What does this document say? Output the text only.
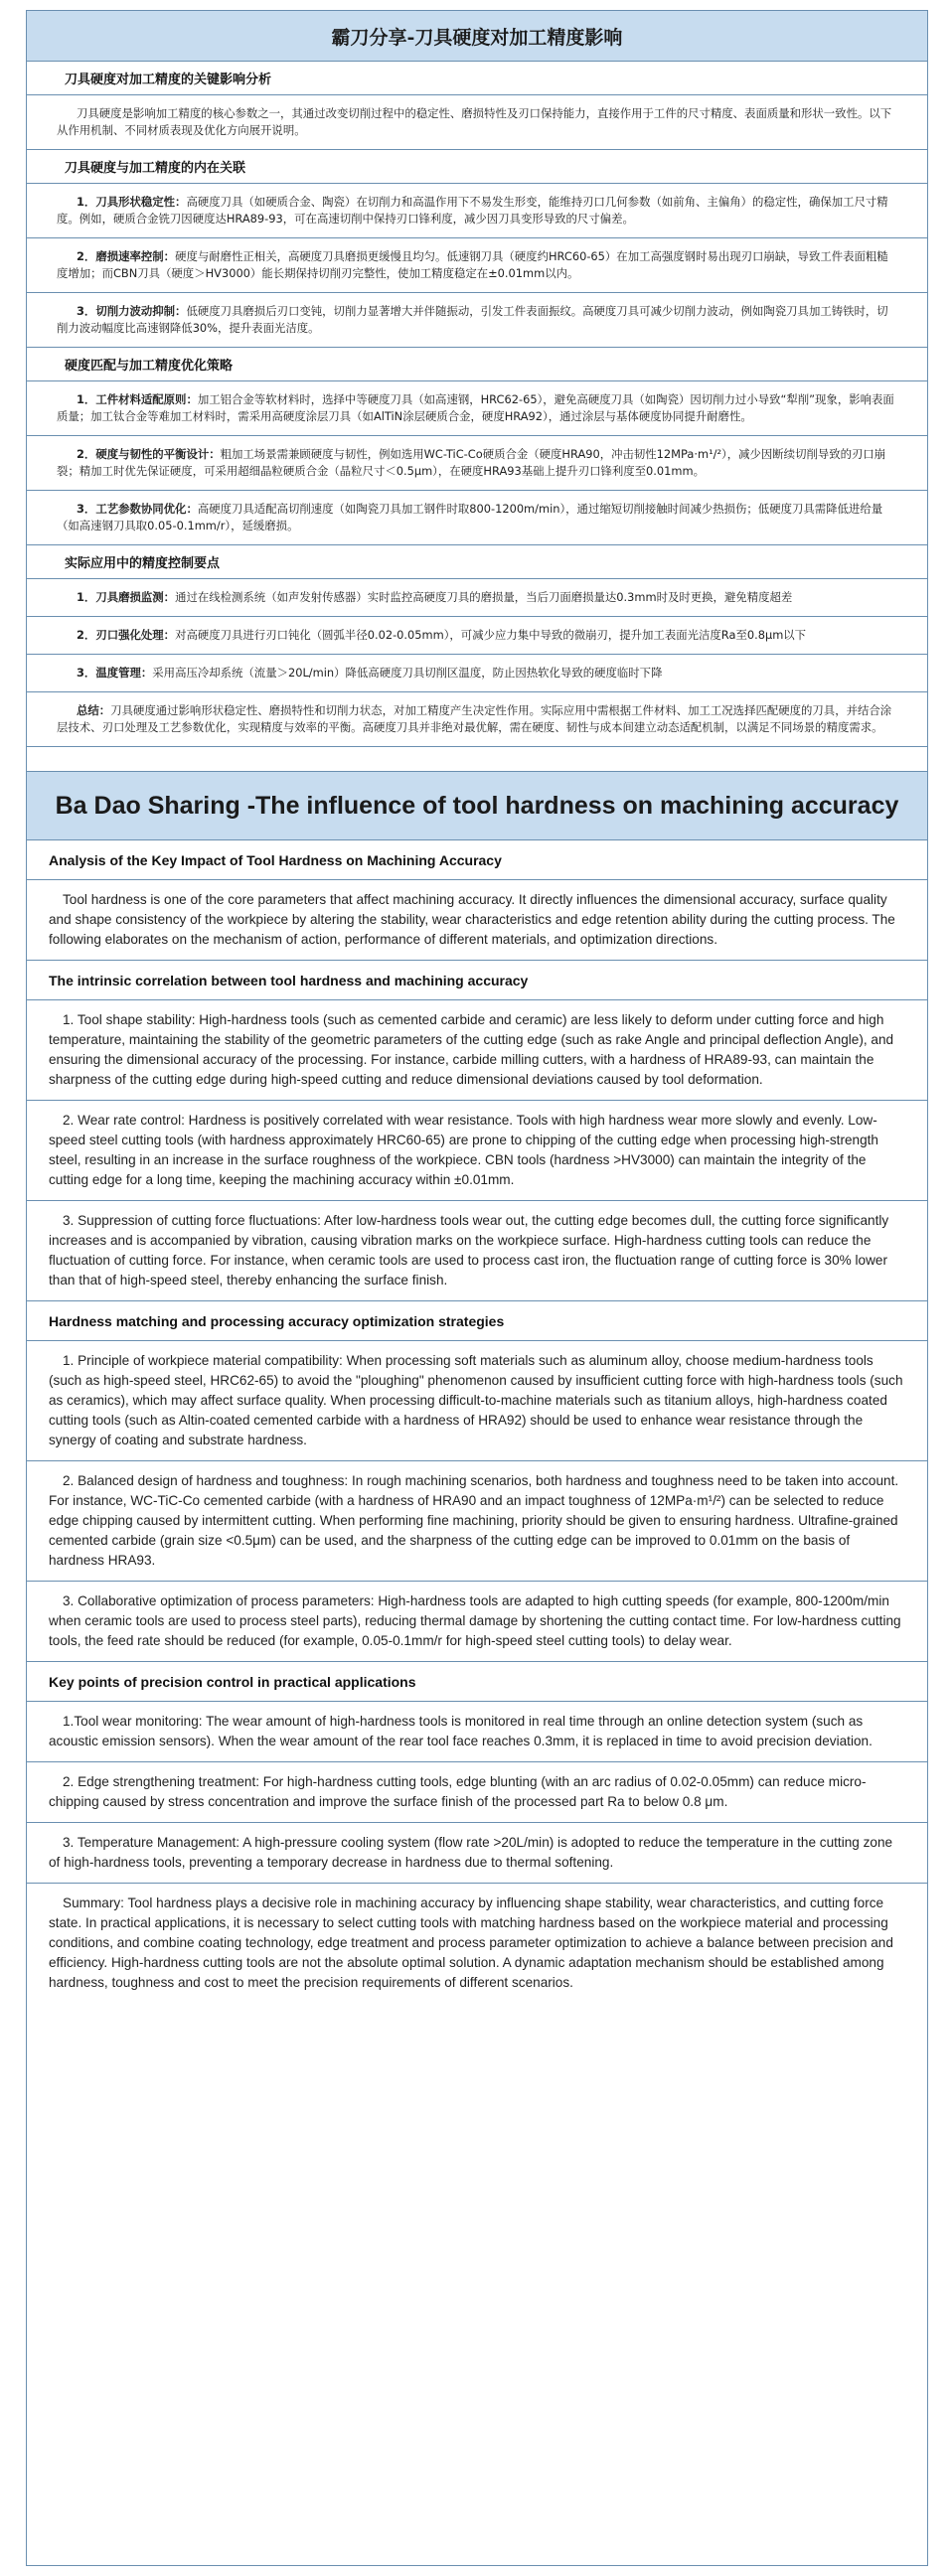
霸刀分享-刀具硬度对加工精度影响
刀具硬度对加工精度的关键影响分析

刀具硬度是影响加工精度的核心参数之一，其通过改变切削过程中的稳定性、磨损特性及刃口保持能力，直接作用于工件的尺寸精度、表面质量和形状一致性。以下从作用机制、不同材质表现及优化方向展开说明。

刀具硬度与加工精度的内在关联

1．刀具形状稳定性：高硬度刀具（如硬质合金、陶瓷）在切削力和高温作用下不易发生形变，能维持刃口几何参数（如前角、主偏角）的稳定性，确保加工尺寸精度。例如，硬质合金铣刀因硬度达HRA89-93，可在高速切削中保持刃口锋利度，减少因刀具变形导致的尺寸偏差。

2．磨损速率控制：硬度与耐磨性正相关，高硬度刀具磨损更缓慢且均匀。低速钢刀具（硬度约HRC60-65）在加工高强度钢时易出现刃口崩缺，导致工件表面粗糙度增加；而CBN刀具（硬度＞HV3000）能长期保持切削刃完整性，使加工精度稳定在±0.01mm以内。

3．切削力波动抑制：低硬度刀具磨损后刃口变钝，切削力显著增大并伴随振动，引发工件表面振纹。高硬度刀具可减少切削力波动，例如陶瓷刀具加工铸铁时，切削力波动幅度比高速钢降低30%，提升表面光洁度。

硬度匹配与加工精度优化策略

1．工件材料适配原则：加工铝合金等软材料时，选择中等硬度刀具（如高速钢，HRC62-65），避免高硬度刀具（如陶瓷）因切削力过小导致“犁削”现象，影响表面质量；加工钛合金等难加工材料时，需采用高硬度涂层刀具（如AlTiN涂层硬质合金，硬度HRA92），通过涂层与基体硬度协同提升耐磨性。

2．硬度与韧性的平衡设计：粗加工场景需兼顾硬度与韧性，例如选用WC-TiC-Co硬质合金（硬度HRA90，冲击韧性12MPa·m¹/²），减少因断续切削导致的刃口崩裂；精加工时优先保证硬度，可采用超细晶粒硬质合金（晶粒尺寸＜0.5μm），在硬度HRA93基础上提升刃口锋利度至0.01mm。

3．工艺参数协同优化：高硬度刀具适配高切削速度（如陶瓷刀具加工钢件时取800-1200m/min），通过缩短切削接触时间减少热损伤；低硬度刀具需降低进给量（如高速钢刀具取0.05-0.1mm/r），延缓磨损。

实际应用中的精度控制要点

1．刀具磨损监测：通过在线检测系统（如声发射传感器）实时监控高硬度刀具的磨损量，当后刀面磨损量达0.3mm时及时更换，避免精度超差

2．刃口强化处理：对高硬度刀具进行刃口钝化（圆弧半径0.02-0.05mm），可减少应力集中导致的微崩刃，提升加工表面光洁度Ra至0.8μm以下

3．温度管理：采用高压冷却系统（流量＞20L/min）降低高硬度刀具切削区温度，防止因热软化导致的硬度临时下降

总结：刀具硬度通过影响形状稳定性、磨损特性和切削力状态，对加工精度产生决定性作用。实际应用中需根据工件材料、加工工况选择匹配硬度的刀具，并结合涂层技术、刃口处理及工艺参数优化，实现精度与效率的平衡。高硬度刀具并非绝对最优解，需在硬度、韧性与成本间建立动态适配机制，以满足不同场景的精度需求。

Ba Dao Sharing -The influence of tool hardness on machining accuracy
Analysis of the Key Impact of Tool Hardness on Machining Accuracy

Tool hardness is one of the core parameters that affect machining accuracy. It directly influences the dimensional accuracy, surface quality and shape consistency of the workpiece by altering the stability, wear characteristics and edge retention ability during the cutting process. The following elaborates on the mechanism of action, performance of different materials, and optimization directions.

The intrinsic correlation between tool hardness and machining accuracy

1. Tool shape stability: High-hardness tools (such as cemented carbide and ceramic) are less likely to deform under cutting force and high temperature, maintaining the stability of the geometric parameters of the cutting edge (such as rake Angle and principal deflection Angle), and ensuring the dimensional accuracy of the processing. For instance, carbide milling cutters, with a hardness of HRA89-93, can maintain the sharpness of the cutting edge during high-speed cutting and reduce dimensional deviations caused by tool deformation.

2. Wear rate control: Hardness is positively correlated with wear resistance. Tools with high hardness wear more slowly and evenly. Low-speed steel cutting tools (with hardness approximately HRC60-65) are prone to chipping of the cutting edge when processing high-strength steel, resulting in an increase in the surface roughness of the workpiece. CBN tools (hardness >HV3000) can maintain the integrity of the cutting edge for a long time, keeping the machining accuracy within ±0.01mm.

3. Suppression of cutting force fluctuations: After low-hardness tools wear out, the cutting edge becomes dull, the cutting force significantly increases and is accompanied by vibration, causing vibration marks on the workpiece surface. High-hardness cutting tools can reduce the fluctuation of cutting force. For instance, when ceramic tools are used to process cast iron, the fluctuation range of cutting force is 30% lower than that of high-speed steel, thereby enhancing the surface finish.

Hardness matching and processing accuracy optimization strategies

1. Principle of workpiece material compatibility: When processing soft materials such as aluminum alloy, choose medium-hardness tools (such as high-speed steel, HRC62-65) to avoid the "ploughing" phenomenon caused by insufficient cutting force with high-hardness tools (such as ceramics), which may affect surface quality. When processing difficult-to-machine materials such as titanium alloys, high-hardness coated cutting tools (such as Altin-coated cemented carbide with a hardness of HRA92) should be used to enhance wear resistance through the synergy of coating and substrate hardness.

2. Balanced design of hardness and toughness: In rough machining scenarios, both hardness and toughness need to be taken into account. For instance, WC-TiC-Co cemented carbide (with a hardness of HRA90 and an impact toughness of 12MPa·m¹/²) can be selected to reduce edge chipping caused by intermittent cutting. When performing fine machining, priority should be given to ensuring hardness. Ultrafine-grained cemented carbide (grain size <0.5μm) can be used, and the sharpness of the cutting edge can be improved to 0.01mm on the basis of hardness HRA93.

3. Collaborative optimization of process parameters: High-hardness tools are adapted to high cutting speeds (for example, 800-1200m/min when ceramic tools are used to process steel parts), reducing thermal damage by shortening the cutting contact time. For low-hardness cutting tools, the feed rate should be reduced (for example, 0.05-0.1mm/r for high-speed steel cutting tools) to delay wear.

Key points of precision control in practical applications

1.Tool wear monitoring: The wear amount of high-hardness tools is monitored in real time through an online detection system (such as acoustic emission sensors). When the wear amount of the rear tool face reaches 0.3mm, it is replaced in time to avoid precision deviation.

2. Edge strengthening treatment: For high-hardness cutting tools, edge blunting (with an arc radius of 0.02-0.05mm) can reduce micro-chipping caused by stress concentration and improve the surface finish of the processed part Ra to below 0.8 μm.

3. Temperature Management: A high-pressure cooling system (flow rate >20L/min) is adopted to reduce the temperature in the cutting zone of high-hardness tools, preventing a temporary decrease in hardness due to thermal softening.

Summary: Tool hardness plays a decisive role in machining accuracy by influencing shape stability, wear characteristics, and cutting force state. In practical applications, it is necessary to select cutting tools with matching hardness based on the workpiece material and processing conditions, and combine coating technology, edge treatment and process parameter optimization to achieve a balance between precision and efficiency. High-hardness cutting tools are not the absolute optimal solution. A dynamic adaptation mechanism should be established among hardness, toughness and cost to meet the precision requirements of different scenarios.
